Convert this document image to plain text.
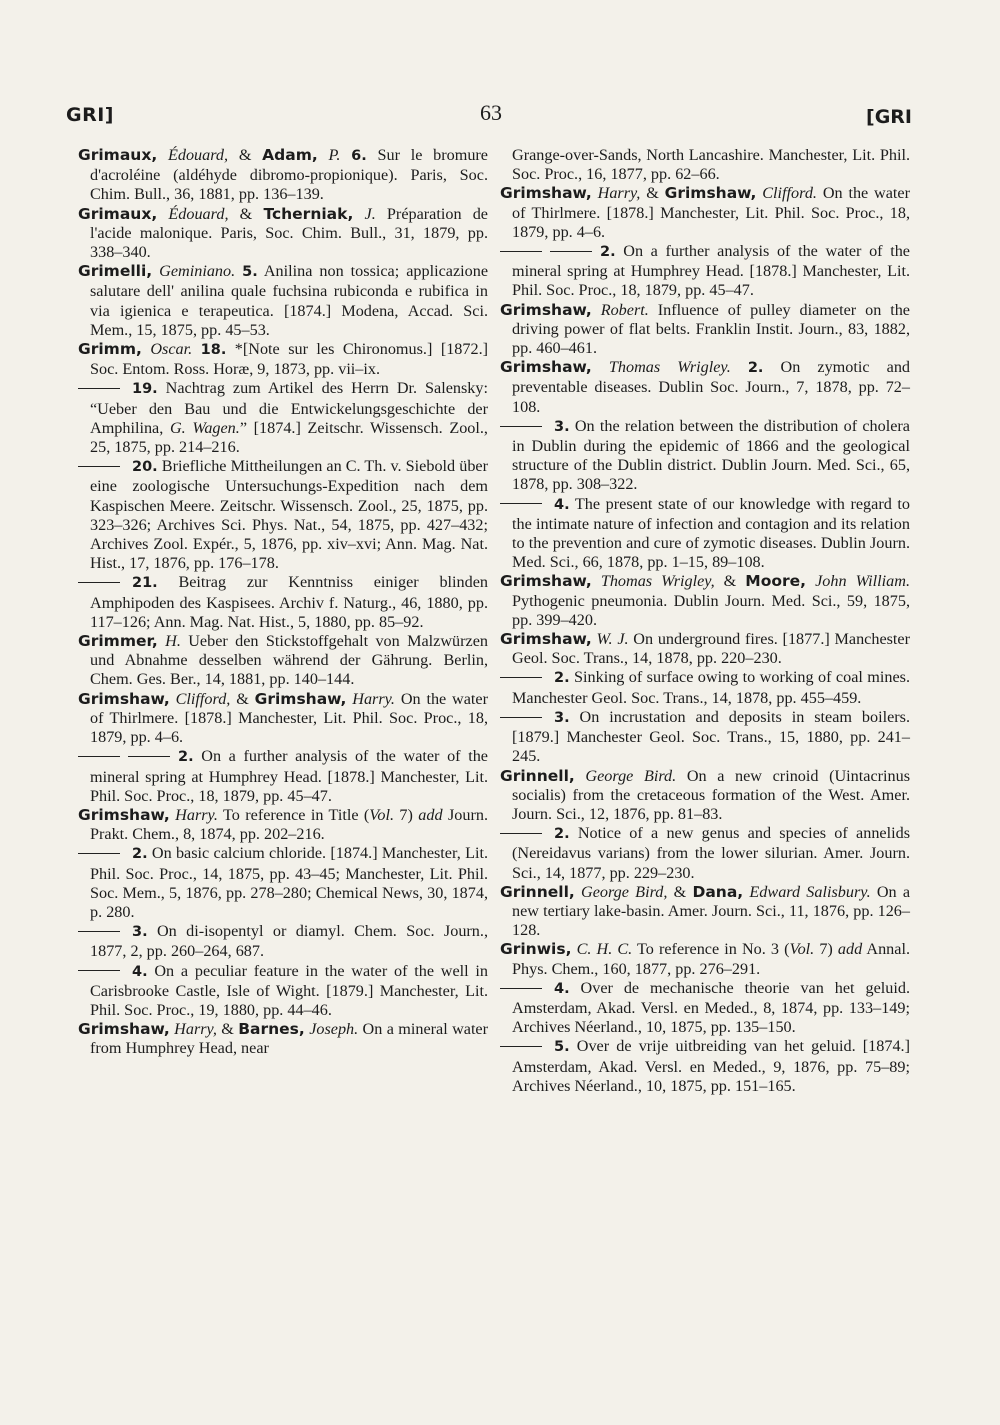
GRI]	63	[GRI

Grimaux, Édouard, & Adam, P. 6. Sur le bromure d'acroléine (aldéhyde dibromo-propionique). Paris, Soc. Chim. Bull., 36, 1881, pp. 136–139.

Grimaux, Édouard, & Tcherniak, J. Préparation de l'acide malonique. Paris, Soc. Chim. Bull., 31, 1879, pp. 338–340.

Grimelli, Geminiano. 5. Anilina non tossica; applicazione salutare dell' anilina quale fuchsina rubiconda e rubifica in via igienica e terapeutica. [1874.] Modena, Accad. Sci. Mem., 15, 1875, pp. 45–53.

Grimm, Oscar. 18. *[Note sur les Chironomus.] [1872.] Soc. Entom. Ross. Horæ, 9, 1873, pp. vii–ix.

19. Nachtrag zum Artikel des Herrn Dr. Salensky: “Ueber den Bau und die Entwickelungsgeschichte der Amphilina, G. Wagen.” [1874.] Zeitschr. Wissensch. Zool., 25, 1875, pp. 214–216.

20. Briefliche Mittheilungen an C. Th. v. Siebold über eine zoologische Untersuchungs-Expedition nach dem Kaspischen Meere. Zeitschr. Wissensch. Zool., 25, 1875, pp. 323–326; Archives Sci. Phys. Nat., 54, 1875, pp. 427–432; Archives Zool. Expér., 5, 1876, pp. xiv–xvi; Ann. Mag. Nat. Hist., 17, 1876, pp. 176–178.

21. Beitrag zur Kenntniss einiger blinden Amphipoden des Kaspisees. Archiv f. Naturg., 46, 1880, pp. 117–126; Ann. Mag. Nat. Hist., 5, 1880, pp. 85–92.

Grimmer, H. Ueber den Stickstoffgehalt von Malzwürzen und Abnahme desselben während der Gährung. Berlin, Chem. Ges. Ber., 14, 1881, pp. 140–144.

Grimshaw, Clifford, & Grimshaw, Harry. On the water of Thirlmere. [1878.] Manchester, Lit. Phil. Soc. Proc., 18, 1879, pp. 4–6.

2. On a further analysis of the water of the mineral spring at Humphrey Head. [1878.] Manchester, Lit. Phil. Soc. Proc., 18, 1879, pp. 45–47.

Grimshaw, Harry. To reference in Title (Vol. 7) add Journ. Prakt. Chem., 8, 1874, pp. 202–216.

2. On basic calcium chloride. [1874.] Manchester, Lit. Phil. Soc. Proc., 14, 1875, pp. 43–45; Manchester, Lit. Phil. Soc. Mem., 5, 1876, pp. 278–280; Chemical News, 30, 1874, p. 280.

3. On di-isopentyl or diamyl. Chem. Soc. Journ., 1877, 2, pp. 260–264, 687.

4. On a peculiar feature in the water of the well in Carisbrooke Castle, Isle of Wight. [1879.] Manchester, Lit. Phil. Soc. Proc., 19, 1880, pp. 44–46.

Grimshaw, Harry, & Barnes, Joseph. On a mineral water from Humphrey Head, near

Grange-over-Sands, North Lancashire. Manchester, Lit. Phil. Soc. Proc., 16, 1877, pp. 62–66.

Grimshaw, Harry, & Grimshaw, Clifford. On the water of Thirlmere. [1878.] Manchester, Lit. Phil. Soc. Proc., 18, 1879, pp. 4–6.

2. On a further analysis of the water of the mineral spring at Humphrey Head. [1878.] Manchester, Lit. Phil. Soc. Proc., 18, 1879, pp. 45–47.

Grimshaw, Robert. Influence of pulley diameter on the driving power of flat belts. Franklin Instit. Journ., 83, 1882, pp. 460–461.

Grimshaw, Thomas Wrigley. 2. On zymotic and preventable diseases. Dublin Soc. Journ., 7, 1878, pp. 72–108.

3. On the relation between the distribution of cholera in Dublin during the epidemic of 1866 and the geological structure of the Dublin district. Dublin Journ. Med. Sci., 65, 1878, pp. 308–322.

4. The present state of our knowledge with regard to the intimate nature of infection and contagion and its relation to the prevention and cure of zymotic diseases. Dublin Journ. Med. Sci., 66, 1878, pp. 1–15, 89–108.

Grimshaw, Thomas Wrigley, & Moore, John William. Pythogenic pneumonia. Dublin Journ. Med. Sci., 59, 1875, pp. 399–420.

Grimshaw, W. J. On underground fires. [1877.] Manchester Geol. Soc. Trans., 14, 1878, pp. 220–230.

2. Sinking of surface owing to working of coal mines. Manchester Geol. Soc. Trans., 14, 1878, pp. 455–459.

3. On incrustation and deposits in steam boilers. [1879.] Manchester Geol. Soc. Trans., 15, 1880, pp. 241–245.

Grinnell, George Bird. On a new crinoid (Uintacrinus socialis) from the cretaceous formation of the West. Amer. Journ. Sci., 12, 1876, pp. 81–83.

2. Notice of a new genus and species of annelids (Nereidavus varians) from the lower silurian. Amer. Journ. Sci., 14, 1877, pp. 229–230.

Grinnell, George Bird, & Dana, Edward Salisbury. On a new tertiary lake-basin. Amer. Journ. Sci., 11, 1876, pp. 126–128.

Grinwis, C. H. C. To reference in No. 3 (Vol. 7) add Annal. Phys. Chem., 160, 1877, pp. 276–291.

4. Over de mechanische theorie van het geluid. Amsterdam, Akad. Versl. en Meded., 8, 1874, pp. 133–149; Archives Néerland., 10, 1875, pp. 135–150.

5. Over de vrije uitbreiding van het geluid. [1874.] Amsterdam, Akad. Versl. en Meded., 9, 1876, pp. 75–89; Archives Néerland., 10, 1875, pp. 151–165.
